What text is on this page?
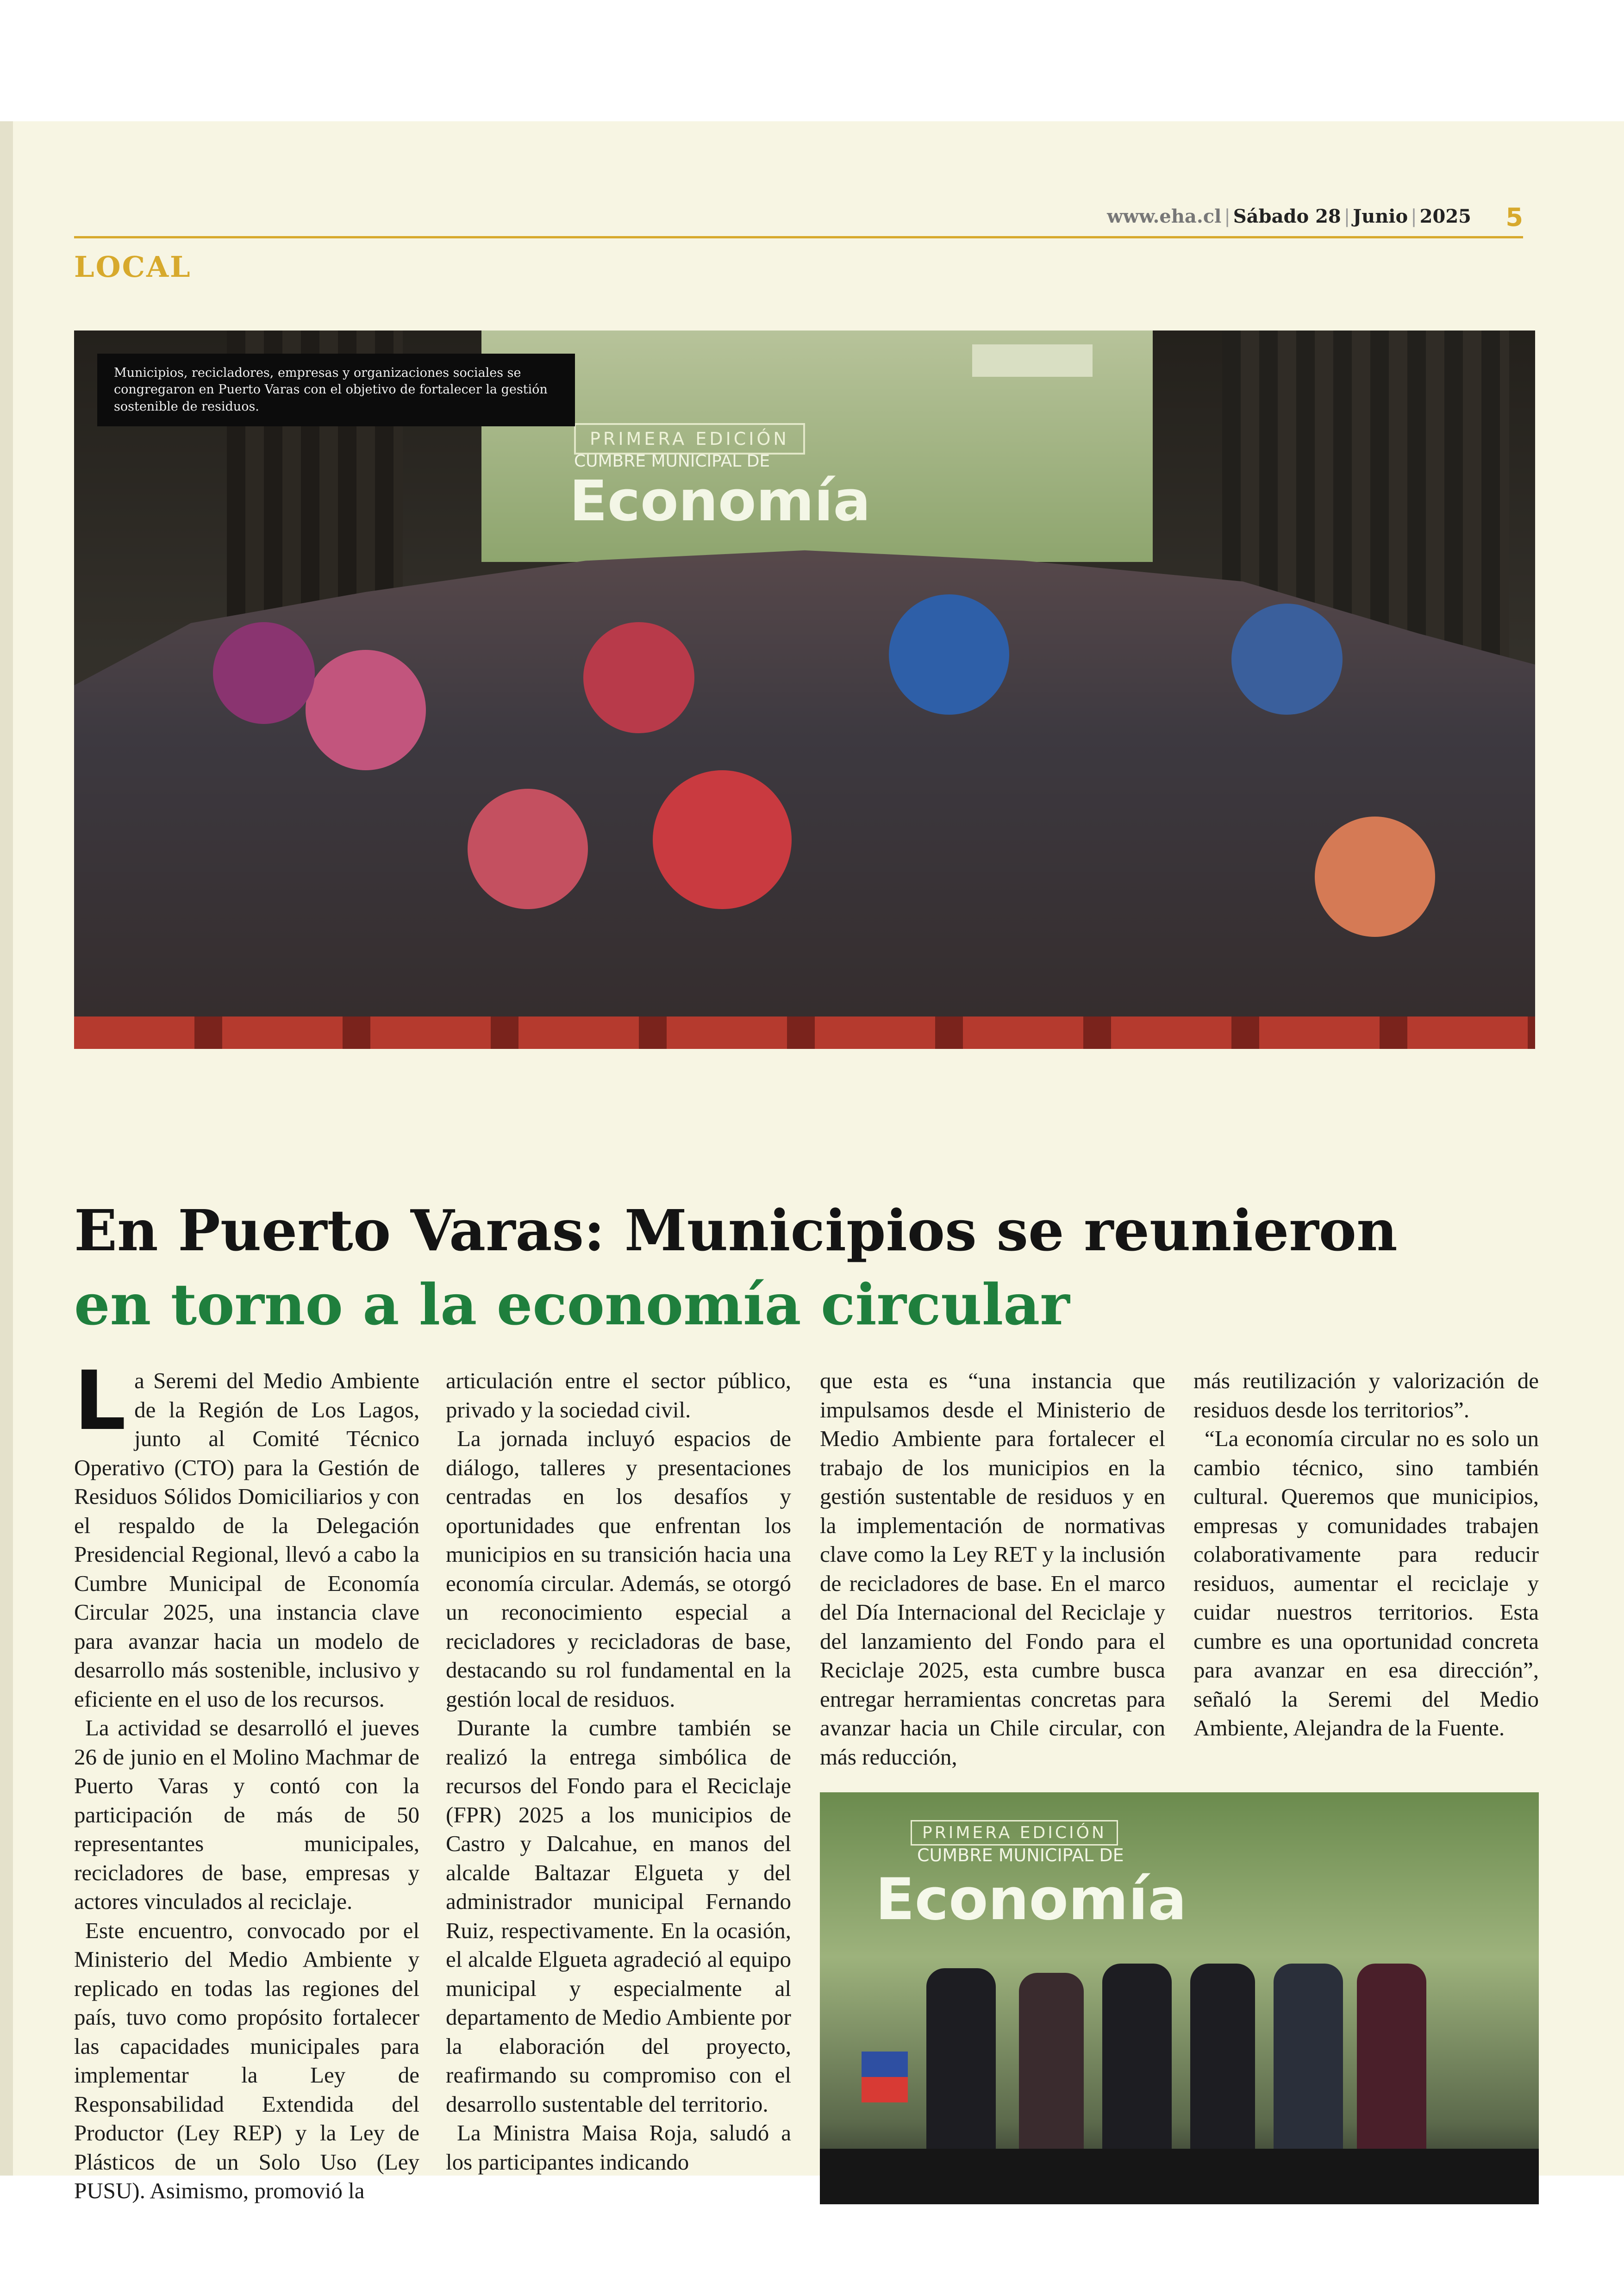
www.eha.cl | Sábado 28 | Junio | 2025 5
LOCAL
PRIMERA EDICIÓN
CUMBRE MUNICIPAL DE
Economía
Municipios, recicladores, empresas y organizaciones sociales se congregaron en Puerto Varas con el objetivo de fortalecer la gestión sostenible de residuos.
En Puerto Varas: Municipios se reunieron
en torno a la economía circular

La Seremi del Medio Ambiente de la Región de Los Lagos, junto al Comité Técnico Operativo (CTO) para la Gestión de Residuos Sólidos Domiciliarios y con el respaldo de la Delegación Presidencial Regional, llevó a cabo la Cumbre Municipal de Economía Circular 2025, una instancia clave para avanzar hacia un modelo de desarrollo más sostenible, inclusivo y eficiente en el uso de los recursos.

La actividad se desarrolló el jueves 26 de junio en el Molino Machmar de Puerto Varas y contó con la participación de más de 50 representantes municipales, recicladores de base, empresas y actores vinculados al reciclaje.

Este encuentro, convocado por el Ministerio del Medio Ambiente y replicado en todas las regiones del país, tuvo como propósito fortalecer las capacidades municipales para implementar la Ley de Responsabilidad Extendida del Productor (Ley REP) y la Ley de Plásticos de un Solo Uso (Ley PUSU). Asimismo, promovió la

articulación entre el sector público, privado y la sociedad civil.

La jornada incluyó espacios de diálogo, talleres y presentaciones centradas en los desafíos y oportunidades que enfrentan los municipios en su transición hacia una economía circular. Además, se otorgó un reconocimiento especial a recicladores y recicladoras de base, destacando su rol fundamental en la gestión local de residuos.

Durante la cumbre también se realizó la entrega simbólica de recursos del Fondo para el Reciclaje (FPR) 2025 a los municipios de Castro y Dalcahue, en manos del alcalde Baltazar Elgueta y del administrador municipal Fernando Ruiz, respectivamente. En la ocasión, el alcalde Elgueta agradeció al equipo municipal y especialmente al departamento de Medio Ambiente por la elaboración del proyecto, reafirmando su compromiso con el desarrollo sustentable del territorio.

La Ministra Maisa Roja, saludó a los participantes indicando

que esta es “una instancia que impulsamos desde el Ministerio de Medio Ambiente para fortalecer el trabajo de los municipios en la gestión sustentable de residuos y en la implementación de normativas clave como la Ley RET y la inclusión de recicladores de base. En el marco del Día Internacional del Reciclaje y del lanzamiento del Fondo para el Reciclaje 2025, esta cumbre busca entregar herramientas concretas para avanzar hacia un Chile circular, con más reducción,

más reutilización y valorización de residuos desde los territorios”.

“La economía circular no es solo un cambio técnico, sino también cultural. Queremos que municipios, empresas y comunidades trabajen colaborativamente para reducir residuos, aumentar el reciclaje y cuidar nuestros territorios. Esta cumbre es una oportunidad concreta para avanzar en esa dirección”, señaló la Seremi del Medio Ambiente, Alejandra de la Fuente.

PRIMERA EDICIÓN
CUMBRE MUNICIPAL DE
Economía
